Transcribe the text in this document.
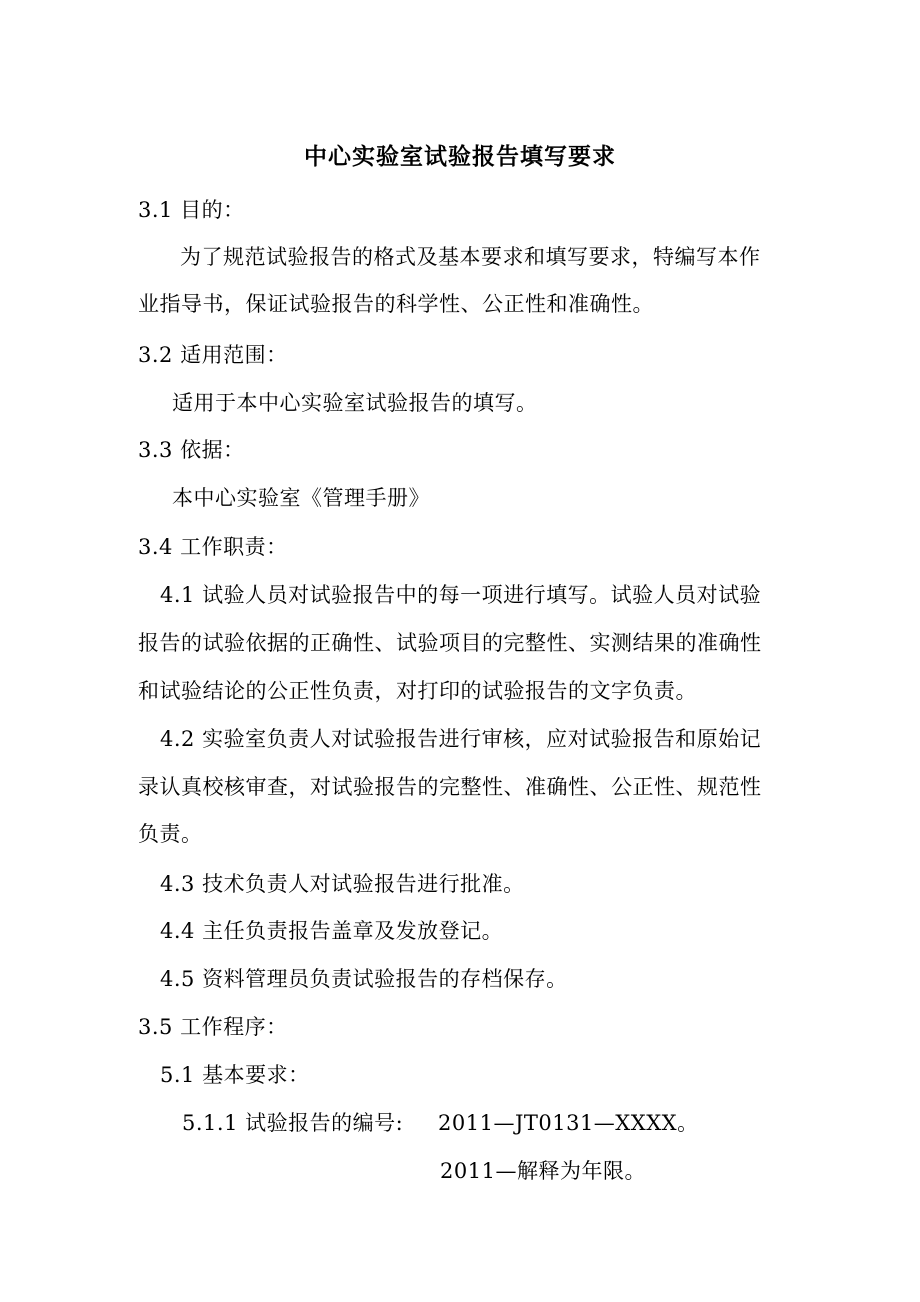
中心实验室试验报告填写要求
3.1 目的：
为了规范试验报告的格式及基本要求和填写要求，特编写本作
业指导书，保证试验报告的科学性、公正性和准确性。
3.2 适用范围：
适用于本中心实验室试验报告的填写。
3.3 依据：
本中心实验室《管理手册》
3.4 工作职责：
4.1 试验人员对试验报告中的每一项进行填写。试验人员对试验
报告的试验依据的正确性、试验项目的完整性、实测结果的准确性
和试验结论的公正性负责，对打印的试验报告的文字负责。
4.2 实验室负责人对试验报告进行审核，应对试验报告和原始记
录认真校核审查，对试验报告的完整性、准确性、公正性、规范性
负责。
4.3 技术负责人对试验报告进行批准。
4.4 主任负责报告盖章及发放登记。
4.5 资料管理员负责试验报告的存档保存。
3.5 工作程序：
5.1 基本要求：
5.1.1 试验报告的编号: 2011—JT0131—XXXX。
2011—解释为年限。
